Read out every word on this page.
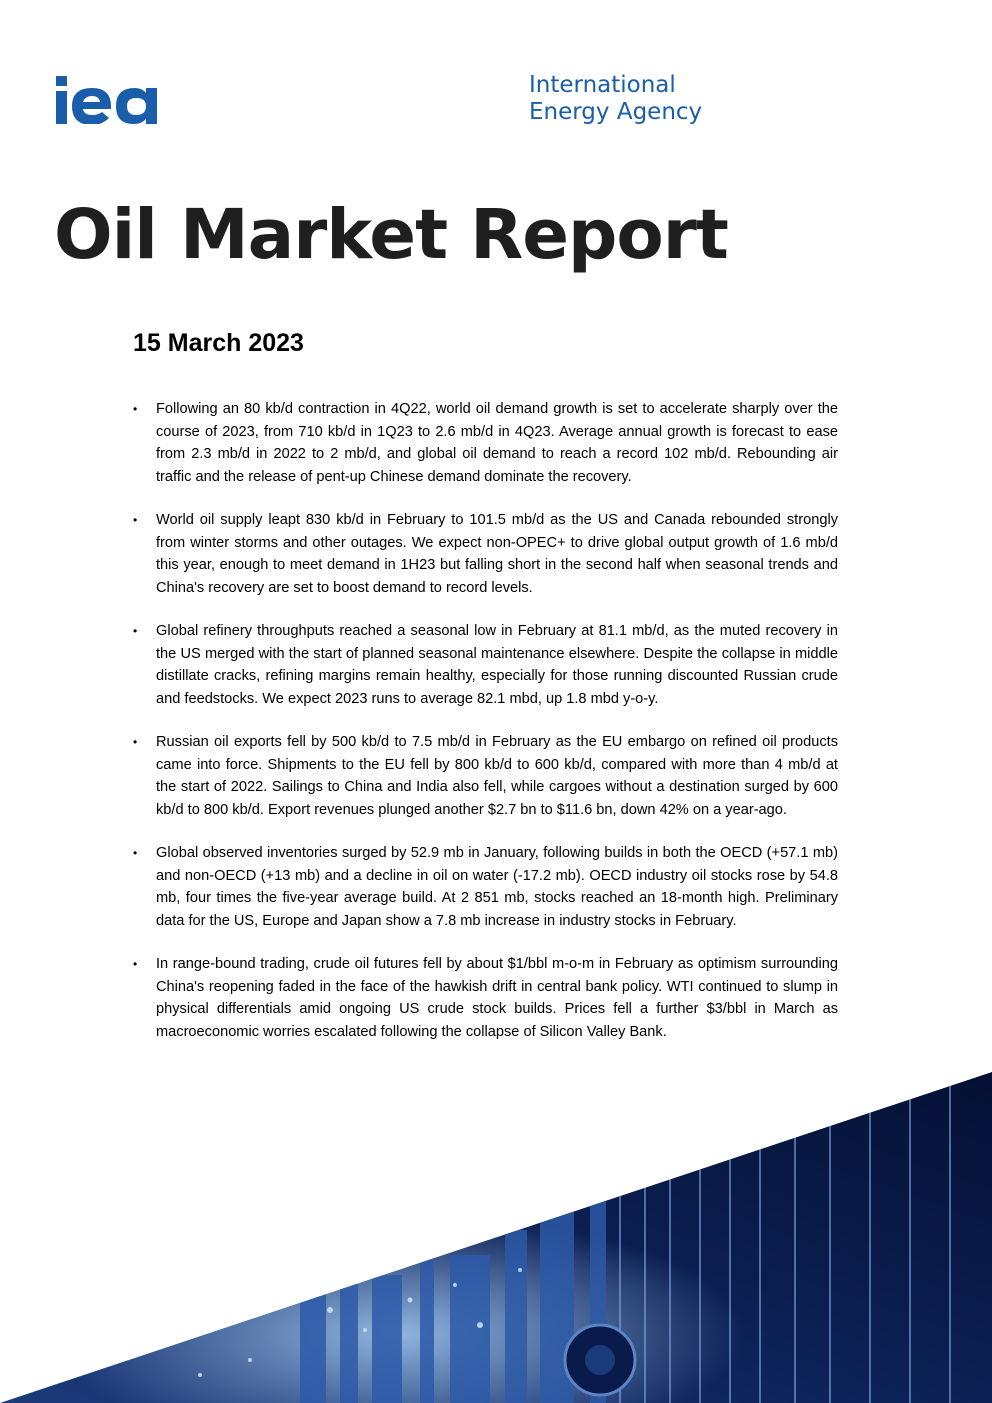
International
Energy Agency
Oil Market Report
15 March 2023
• Following an 80 kb/d contraction in 4Q22, world oil demand growth is set to accelerate sharply over the course of 2023, from 710 kb/d in 1Q23 to 2.6 mb/d in 4Q23. Average annual growth is forecast to ease from 2.3 mb/d in 2022 to 2 mb/d, and global oil demand to reach a record 102 mb/d. Rebounding air traffic and the release of pent-up Chinese demand dominate the recovery.
• World oil supply leapt 830 kb/d in February to 101.5 mb/d as the US and Canada rebounded strongly from winter storms and other outages. We expect non-OPEC+ to drive global output growth of 1.6 mb/d this year, enough to meet demand in 1H23 but falling short in the second half when seasonal trends and China's recovery are set to boost demand to record levels.
• Global refinery throughputs reached a seasonal low in February at 81.1 mb/d, as the muted recovery in the US merged with the start of planned seasonal maintenance elsewhere. Despite the collapse in middle distillate cracks, refining margins remain healthy, especially for those running discounted Russian crude and feedstocks. We expect 2023 runs to average 82.1 mbd, up 1.8 mbd y-o-y.
• Russian oil exports fell by 500 kb/d to 7.5 mb/d in February as the EU embargo on refined oil products came into force. Shipments to the EU fell by 800 kb/d to 600 kb/d, compared with more than 4 mb/d at the start of 2022. Sailings to China and India also fell, while cargoes without a destination surged by 600 kb/d to 800 kb/d. Export revenues plunged another $2.7 bn to $11.6 bn, down 42% on a year-ago.
• Global observed inventories surged by 52.9 mb in January, following builds in both the OECD (+57.1 mb) and non-OECD (+13 mb) and a decline in oil on water (-17.2 mb). OECD industry oil stocks rose by 54.8 mb, four times the five-year average build. At 2 851 mb, stocks reached an 18-month high. Preliminary data for the US, Europe and Japan show a 7.8 mb increase in industry stocks in February.
• In range-bound trading, crude oil futures fell by about $1/bbl m-o-m in February as optimism surrounding China's reopening faded in the face of the hawkish drift in central bank policy. WTI continued to slump in physical differentials amid ongoing US crude stock builds. Prices fell a further $3/bbl in March as macroeconomic worries escalated following the collapse of Silicon Valley Bank.
